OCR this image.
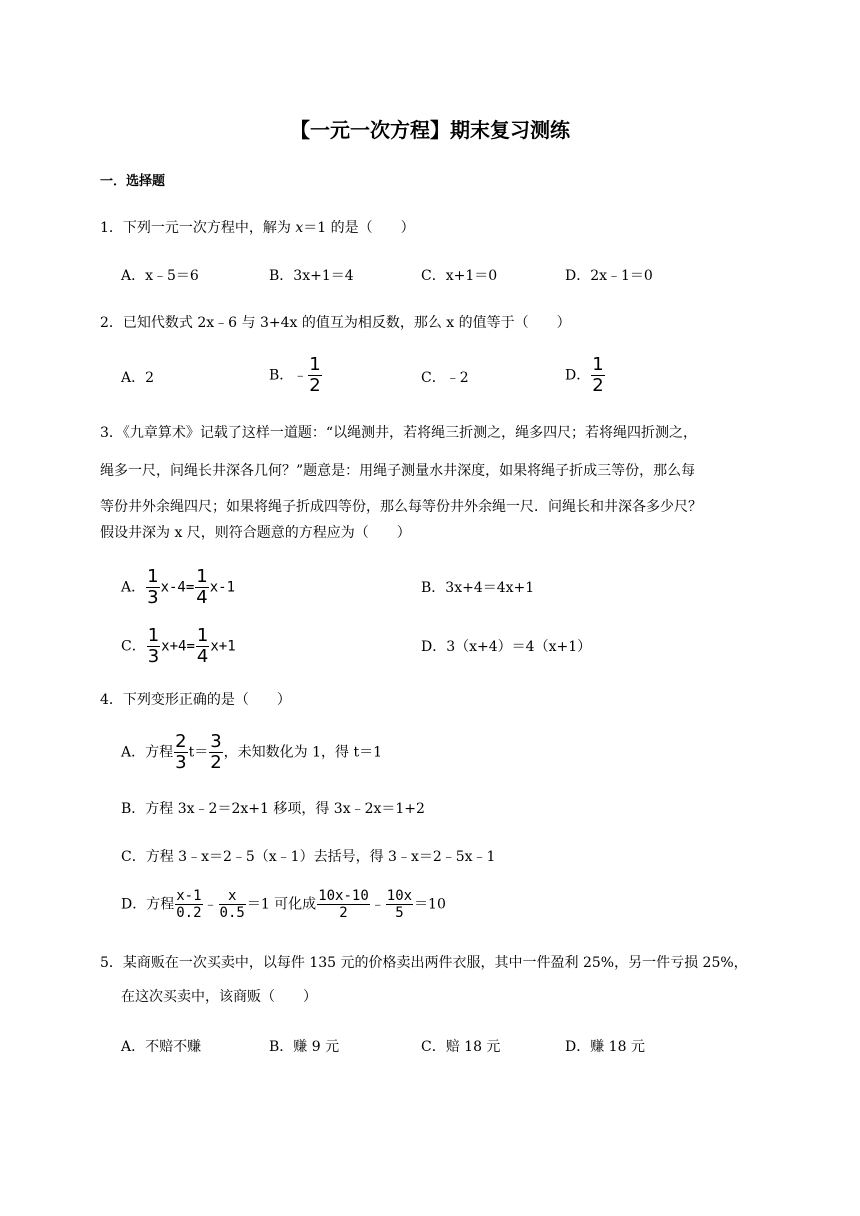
【一元一次方程】期末复习测练
一．选择题
1．下列一元一次方程中，解为 x＝1 的是（　　）
A．x﹣5＝6	B．3x+1＝4	C．x+1＝0	D．2x﹣1＝0
2．已知代数式 2x﹣6 与 3+4x 的值互为相反数，那么 x 的值等于（　　）
A．2	B．﹣ $\frac{1}{2}$	C．﹣2	D． $\frac{1}{2}$
3．《九章算术》记载了这样一道题：“以绳测井，若将绳三折测之，绳多四尺；若将绳四折测之，
绳多一尺，问绳长井深各几何？”题意是：用绳子测量水井深度，如果将绳子折成三等份，那么每
等份井外余绳四尺；如果将绳子折成四等份，那么每等份井外余绳一尺．问绳长和井深各多少尺？
假设井深为 x 尺，则符合题意的方程应为（　　）
A． $\frac{1}{3} x-4= \frac{1}{4} x-1$	B．3x+4＝4x+1
C． $\frac{1}{3} x+4= \frac{1}{4} x+1$	D．3（x+4）＝4（x+1）
4．下列变形正确的是（　　）
A．方程 $\frac{2}{3} t= \frac{3}{2}$ ，未知数化为 1，得 t＝1
B．方程 3x﹣2＝2x+1 移项，得 3x﹣2x＝1+2
C．方程 3﹣x＝2﹣5（x﹣1）去括号，得 3﹣x＝2﹣5x﹣1
D．方程 $\frac{x-1}{0.2}$ ﹣ $\frac{x}{0.5} =1$ 可化成 $\frac{10x-10}{2}$ ﹣ $\frac{10x}{5} =10$
5．某商贩在一次买卖中，以每件 135 元的价格卖出两件衣服，其中一件盈利 25%，另一件亏损 25%，
在这次买卖中，该商贩（　　）
A．不赔不赚	B．赚 9 元	C．赔 18 元	D．赚 18 元
